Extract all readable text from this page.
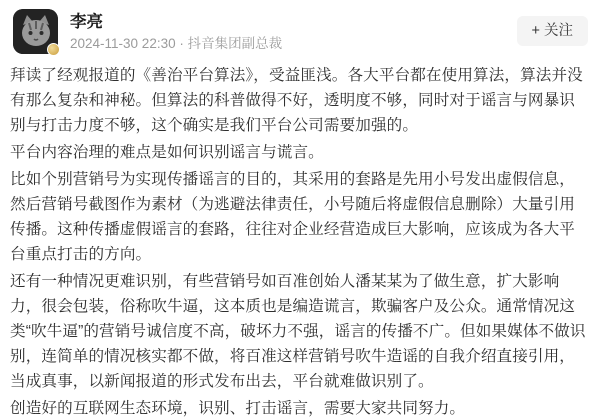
李亮
2024-11-30 22:30 · 抖音集团副总裁
+ 关注

拜读了经观报道的《善治平台算法》，受益匪浅。各大平台都在使用算法，算法并没有那么复杂和神秘。但算法的科普做得不好，透明度不够，同时对于谣言与网暴识别与打击力度不够，这个确实是我们平台公司需要加强的。

平台内容治理的难点是如何识别谣言与谎言。

比如个别营销号为实现传播谣言的目的，其采用的套路是先用小号发出虚假信息，然后营销号截图作为素材（为逃避法律责任，小号随后将虚假信息删除）大量引用传播。这种传播虚假谣言的套路，往往对企业经营造成巨大影响，应该成为各大平台重点打击的方向。

还有一种情况更难识别，有些营销号如百准创始人潘某某为了做生意，扩大影响力，很会包装，俗称吹牛逼，这本质也是编造谎言，欺骗客户及公众。通常情况这类“吹牛逼”的营销号诚信度不高，破坏力不强，谣言的传播不广。但如果媒体不做识别，连简单的情况核实都不做，将百准这样营销号吹牛造谣的自我介绍直接引用，当成真事，以新闻报道的形式发布出去，平台就难做识别了。

创造好的互联网生态环境，识别、打击谣言，需要大家共同努力。
